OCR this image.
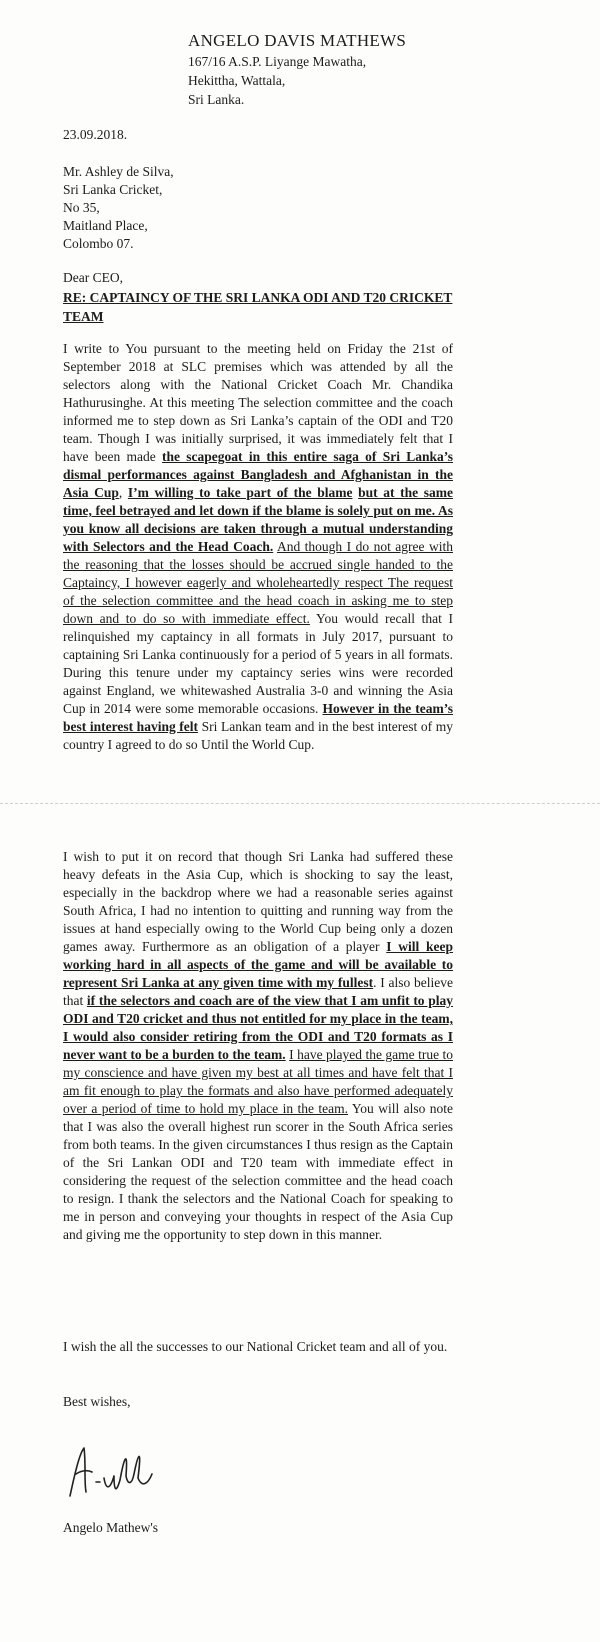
ANGELO DAVIS MATHEWS
167/16 A.S.P. Liyange Mawatha,
Hekittha, Wattala,
Sri Lanka.
23.09.2018.
Mr. Ashley de Silva,
Sri Lanka Cricket,
No 35,
Maitland Place,
Colombo 07.
Dear CEO,
RE: CAPTAINCY OF THE SRI LANKA ODI AND T20 CRICKET TEAM

I write to You pursuant to the meeting held on Friday the 21st of September 2018 at SLC premises which was attended by all the selectors along with the National Cricket Coach Mr. Chandika Hathurusinghe. At this meeting The selection committee and the coach informed me to step down as Sri Lanka’s captain of the ODI and T20 team. Though I was initially surprised, it was immediately felt that I have been made the scapegoat in this entire saga of Sri Lanka’s dismal performances against Bangladesh and Afghanistan in the Asia Cup, I’m willing to take part of the blame but at the same time, feel betrayed and let down if the blame is solely put on me. As you know all decisions are taken through a mutual understanding with Selectors and the Head Coach. And though I do not agree with the reasoning that the losses should be accrued single handed to the Captaincy, I however eagerly and wholeheartedly respect The request of the selection committee and the head coach in asking me to step down and to do so with immediate effect. You would recall that I relinquished my captaincy in all formats in July 2017, pursuant to captaining Sri Lanka continuously for a period of 5 years in all formats. During this tenure under my captaincy series wins were recorded against England, we whitewashed Australia 3-0 and winning the Asia Cup in 2014 were some memorable occasions. However in the team’s best interest having felt Sri Lankan team and in the best interest of my country I agreed to do so Until the World Cup.

I wish to put it on record that though Sri Lanka had suffered these heavy defeats in the Asia Cup, which is shocking to say the least, especially in the backdrop where we had a reasonable series against South Africa, I had no intention to quitting and running way from the issues at hand especially owing to the World Cup being only a dozen games away. Furthermore as an obligation of a player I will keep working hard in all aspects of the game and will be available to represent Sri Lanka at any given time with my fullest. I also believe that if the selectors and coach are of the view that I am unfit to play ODI and T20 cricket and thus not entitled for my place in the team, I would also consider retiring from the ODI and T20 formats as I never want to be a burden to the team. I have played the game true to my conscience and have given my best at all times and have felt that I am fit enough to play the formats and also have performed adequately over a period of time to hold my place in the team. You will also note that I was also the overall highest run scorer in the South Africa series from both teams. In the given circumstances I thus resign as the Captain of the Sri Lankan ODI and T20 team with immediate effect in considering the request of the selection committee and the head coach to resign. I thank the selectors and the National Coach for speaking to me in person and conveying your thoughts in respect of the Asia Cup and giving me the opportunity to step down in this manner.

I wish the all the successes to our National Cricket team and all of you.

Best wishes,
Angelo Mathew's
